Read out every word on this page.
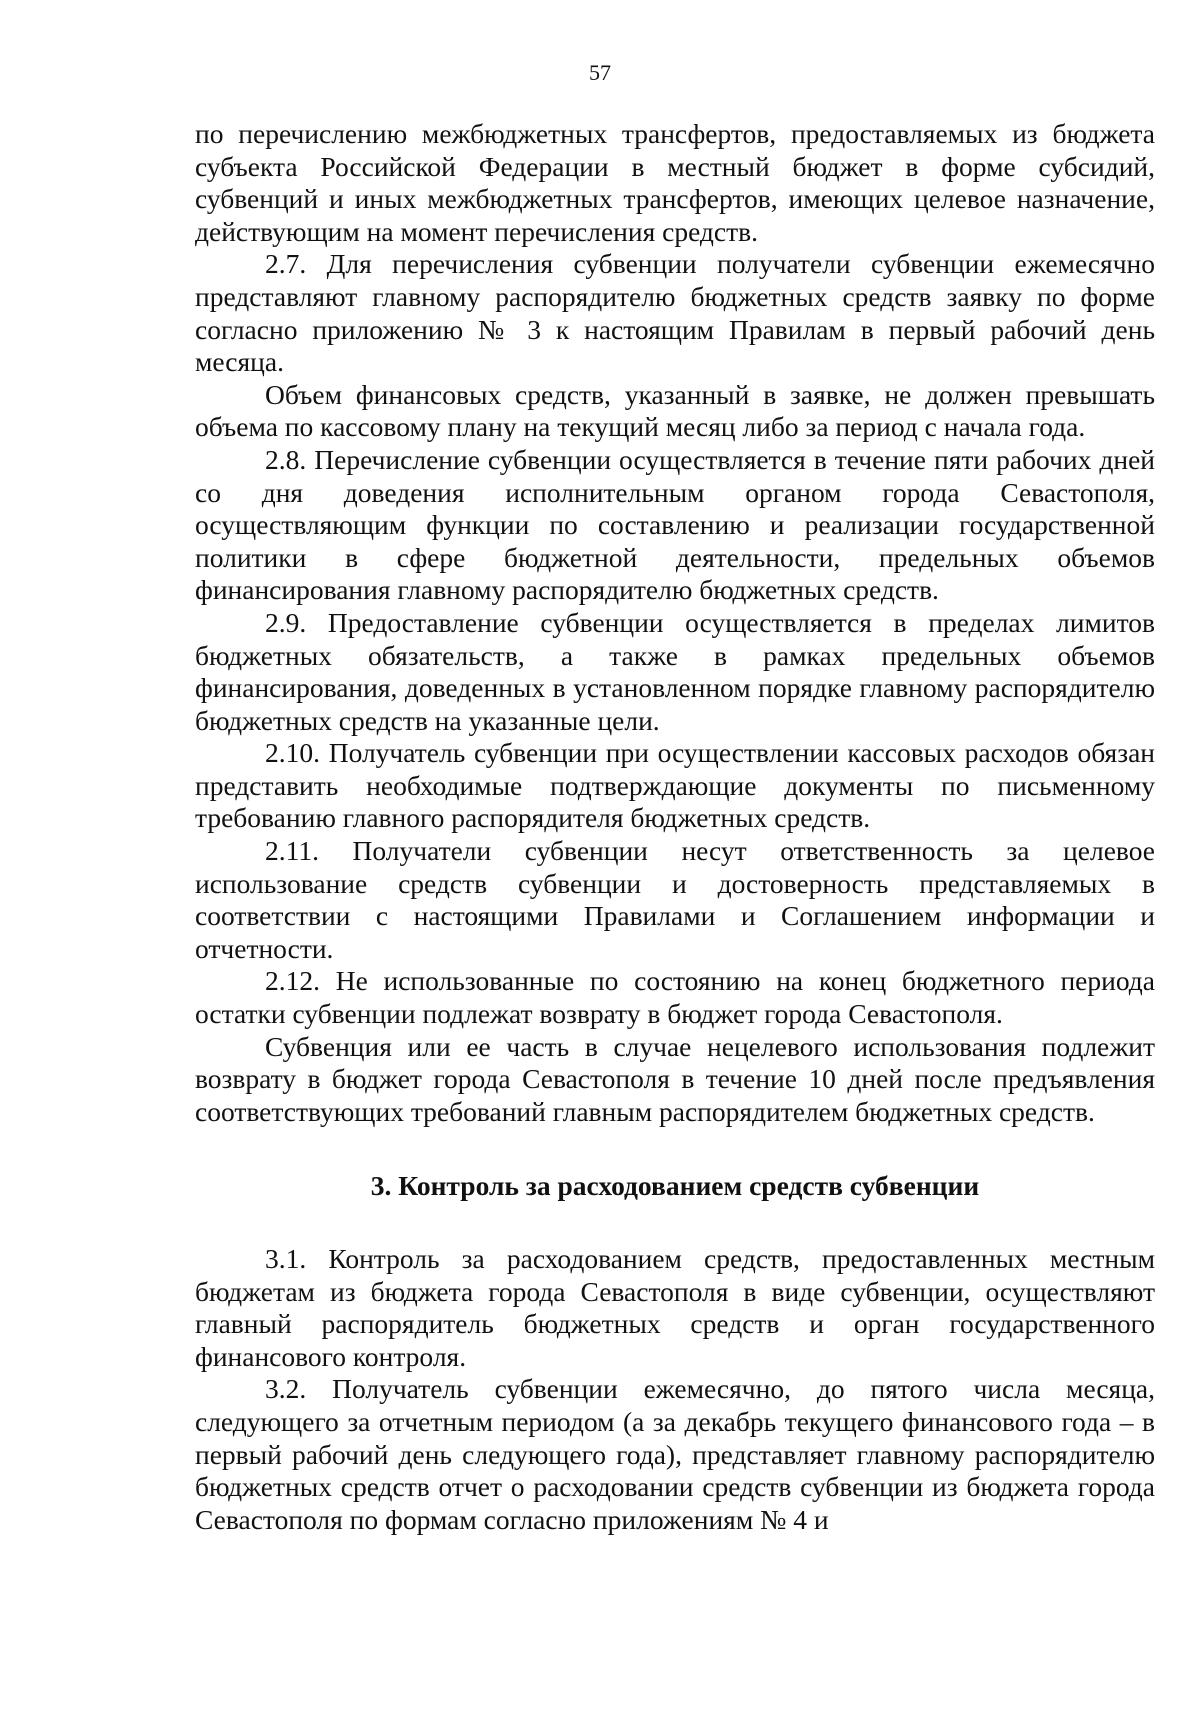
57

по перечислению межбюджетных трансфертов, предоставляемых из бюджета субъекта Российской Федерации в местный бюджет в форме субсидий, субвенций и иных межбюджетных трансфертов, имеющих целевое назначение, действующим на момент перечисления средств.

2.7. Для перечисления субвенции получатели субвенции ежемесячно представляют главному распорядителю бюджетных средств заявку по форме согласно приложению № 3 к настоящим Правилам в первый рабочий день месяца.

Объем финансовых средств, указанный в заявке, не должен превышать объема по кассовому плану на текущий месяц либо за период с начала года.

2.8. Перечисление субвенции осуществляется в течение пяти рабочих дней со дня доведения исполнительным органом города Севастополя, осуществляющим функции по составлению и реализации государственной политики в сфере бюджетной деятельности, предельных объемов финансирования главному распорядителю бюджетных средств.

2.9. Предоставление субвенции осуществляется в пределах лимитов бюджетных обязательств, а также в рамках предельных объемов финансирования, доведенных в установленном порядке главному распорядителю бюджетных средств на указанные цели.

2.10. Получатель субвенции при осуществлении кассовых расходов обязан представить необходимые подтверждающие документы по письменному требованию главного распорядителя бюджетных средств.

2.11. Получатели субвенции несут ответственность за целевое использование средств субвенции и достоверность представляемых в соответствии с настоящими Правилами и Соглашением информации и отчетности.

2.12. Не использованные по состоянию на конец бюджетного периода остатки субвенции подлежат возврату в бюджет города Севастополя.

Субвенция или ее часть в случае нецелевого использования подлежит возврату в бюджет города Севастополя в течение 10 дней после предъявления соответствующих требований главным распорядителем бюджетных средств.

3. Контроль за расходованием средств субвенции

3.1. Контроль за расходованием средств, предоставленных местным бюджетам из бюджета города Севастополя в виде субвенции, осуществляют главный распорядитель бюджетных средств и орган государственного финансового контроля.

3.2. Получатель субвенции ежемесячно, до пятого числа месяца, следующего за отчетным периодом (а за декабрь текущего финансового года – в первый рабочий день следующего года), представляет главному распорядителю бюджетных средств отчет о расходовании средств субвенции из бюджета города Севастополя по формам согласно приложениям № 4 и
